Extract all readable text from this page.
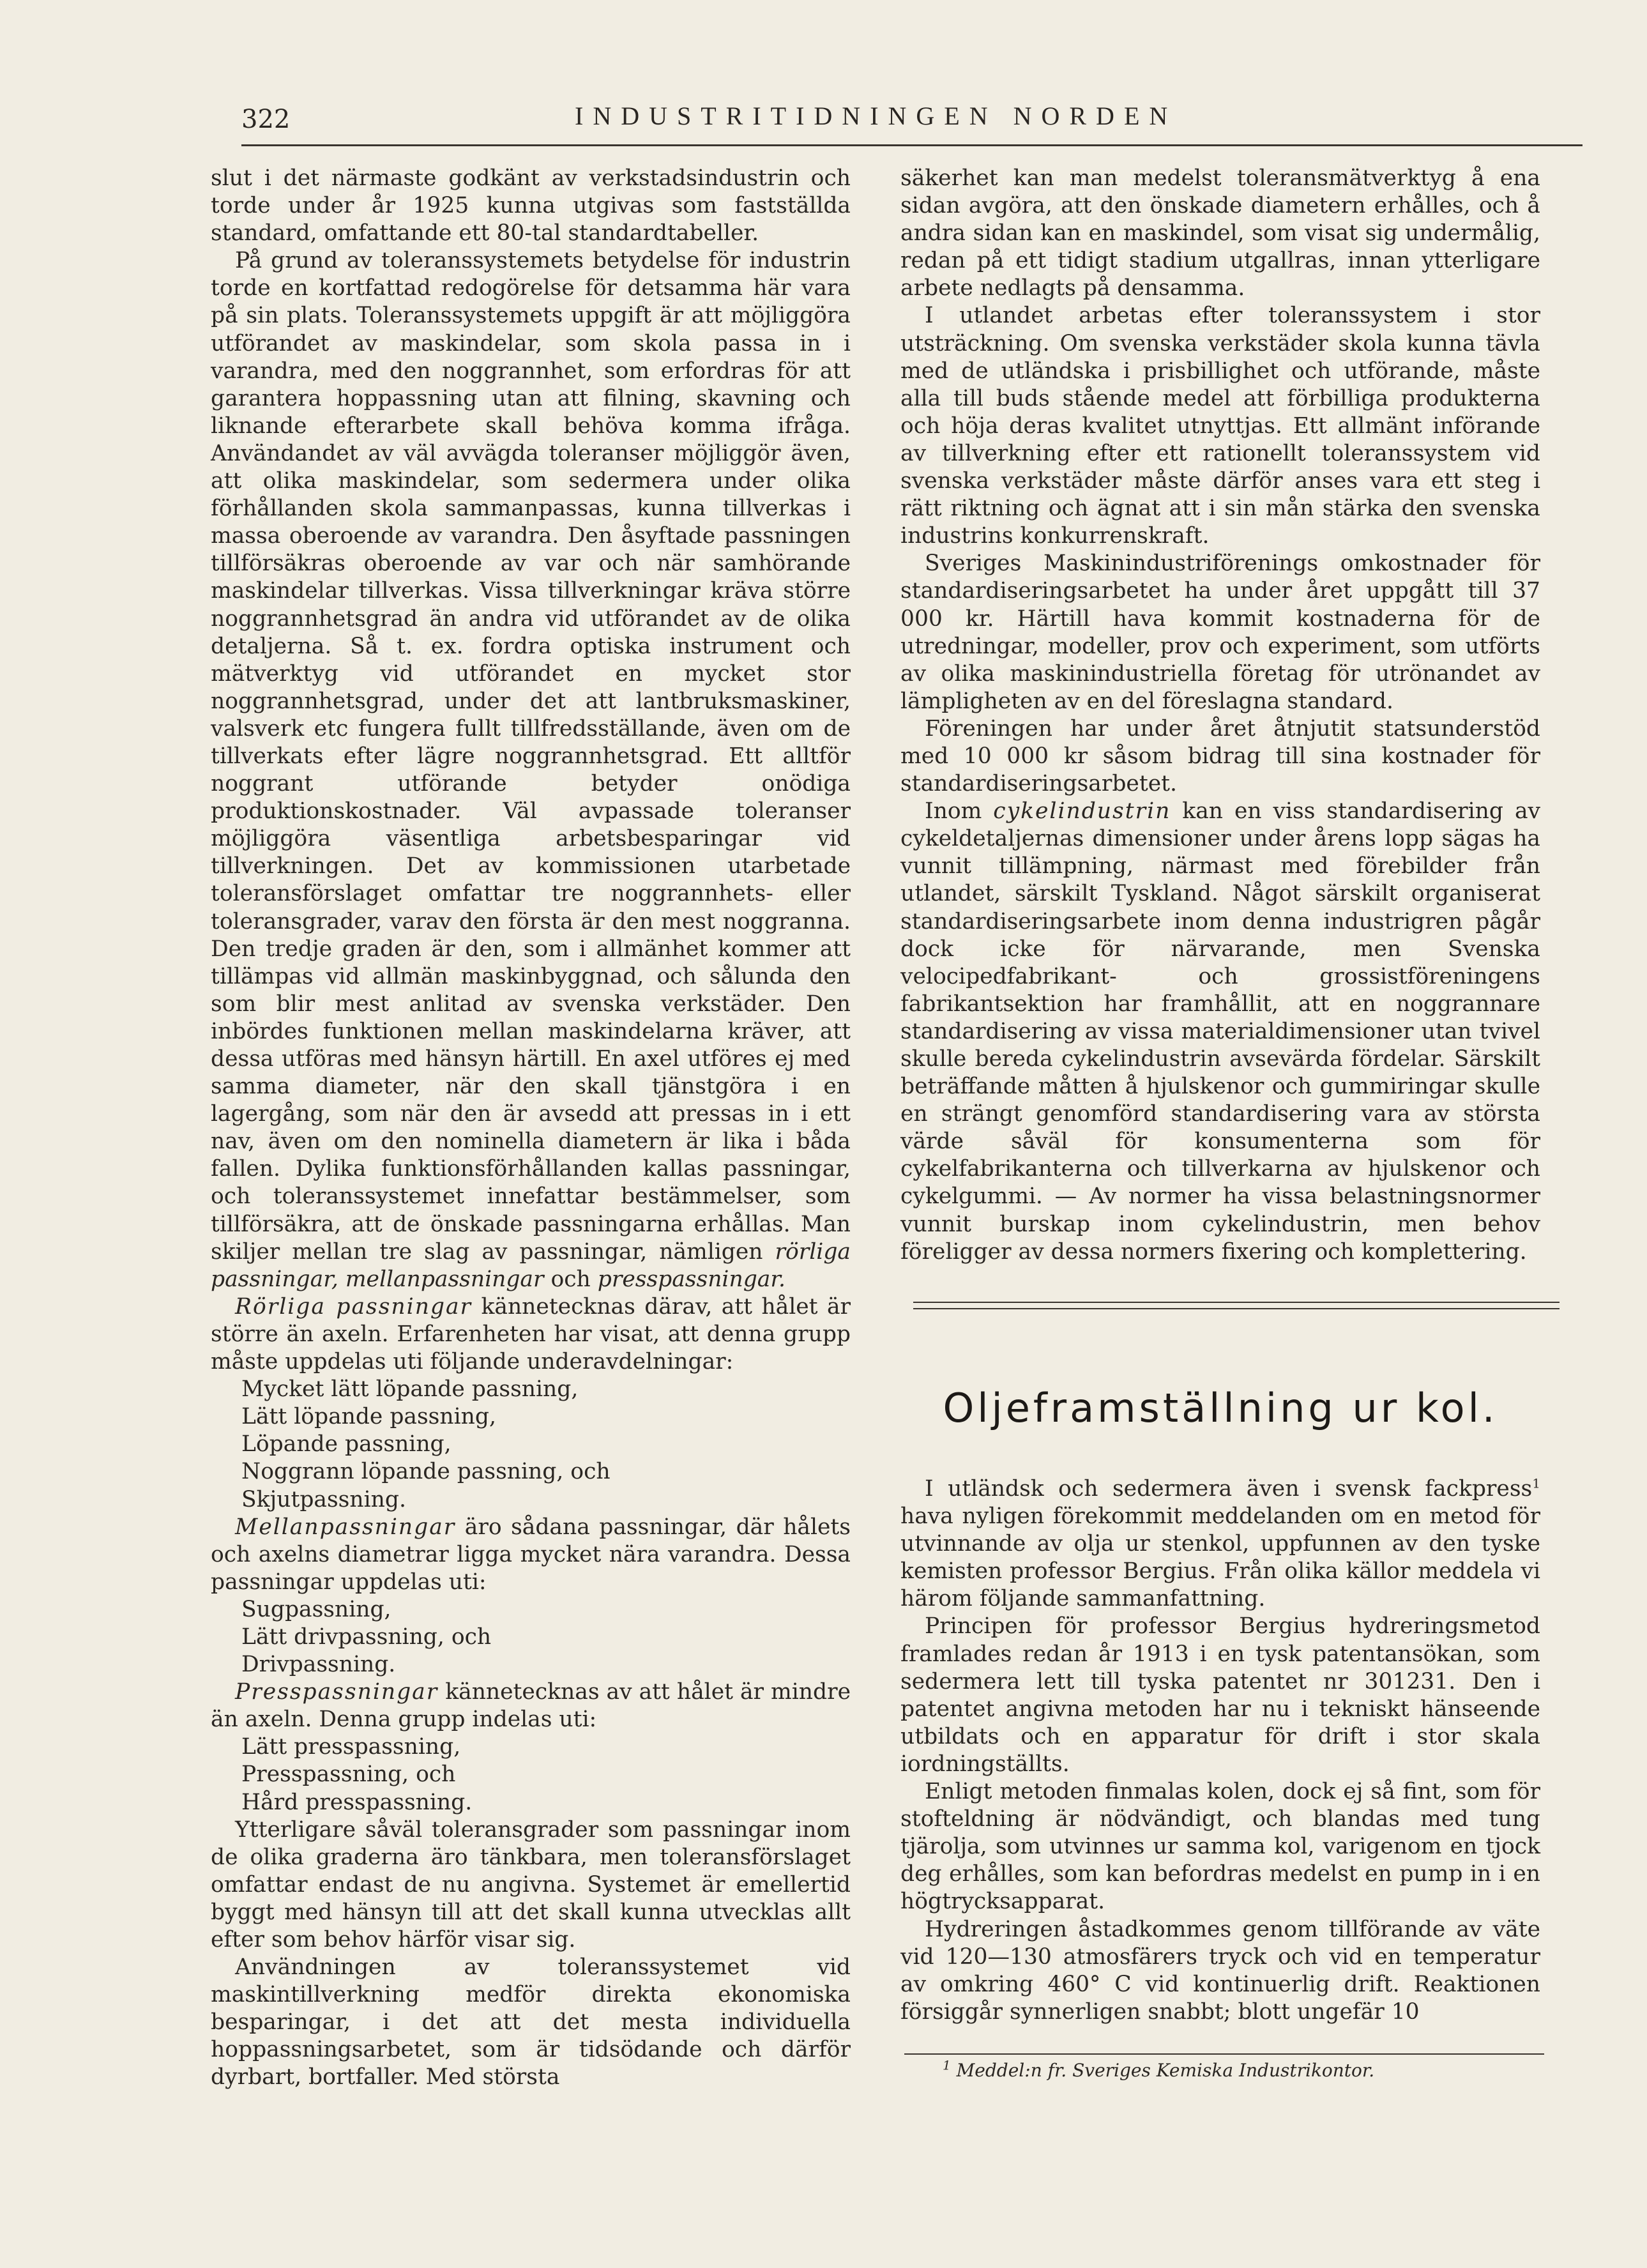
322	INDUSTRITIDNINGEN NORDEN

slut i det närmaste godkänt av verkstadsindustrin och torde under år 1925 kunna utgivas som fastställda standard, omfattande ett 80-tal standardtabeller.

På grund av toleranssystemets betydelse för industrin torde en kortfattad redogörelse för detsamma här vara på sin plats. Toleranssystemets uppgift är att möjliggöra utförandet av maskindelar, som skola passa in i varandra, med den noggrannhet, som erfordras för att garantera hoppassning utan att filning, skavning och liknande efterarbete skall behöva komma ifråga. Användandet av väl avvägda toleranser möjliggör även, att olika maskindelar, som sedermera under olika förhållanden skola sammanpassas, kunna tillverkas i massa oberoende av varandra. Den åsyftade passningen tillförsäkras oberoende av var och när samhörande maskindelar tillverkas. Vissa tillverkningar kräva större noggrannhetsgrad än andra vid utförandet av de olika detaljerna. Så t. ex. fordra optiska instrument och mätverktyg vid utförandet en mycket stor noggrannhetsgrad, under det att lantbruksmaskiner, valsverk etc fungera fullt tillfredsställande, även om de tillverkats efter lägre noggrannhetsgrad. Ett alltför noggrant utförande betyder onödiga produktionskostnader. Väl avpassade toleranser möjliggöra väsentliga arbetsbesparingar vid tillverkningen. Det av kommissionen utarbetade toleransförslaget omfattar tre noggrannhets- eller toleransgrader, varav den första är den mest noggranna. Den tredje graden är den, som i allmänhet kommer att tillämpas vid allmän maskinbyggnad, och sålunda den som blir mest anlitad av svenska verkstäder. Den inbördes funktionen mellan maskindelarna kräver, att dessa utföras med hänsyn härtill. En axel utföres ej med samma diameter, när den skall tjänstgöra i en lagergång, som när den är avsedd att pressas in i ett nav, även om den nominella diametern är lika i båda fallen. Dylika funktionsförhållanden kallas passningar, och toleranssystemet innefattar bestämmelser, som tillförsäkra, att de önskade passningarna erhållas. Man skiljer mellan tre slag av passningar, nämligen rörliga passningar, mellanpassningar och presspassningar.

Rörliga passningar kännetecknas därav, att hålet är större än axeln. Erfarenheten har visat, att denna grupp måste uppdelas uti följande underavdelningar:

Mycket lätt löpande passning,

Lätt löpande passning,

Löpande passning,

Noggrann löpande passning, och

Skjutpassning.

Mellanpassningar äro sådana passningar, där hålets och axelns diametrar ligga mycket nära varandra. Dessa passningar uppdelas uti:

Sugpassning,

Lätt drivpassning, och

Drivpassning.

Presspassningar kännetecknas av att hålet är mindre än axeln. Denna grupp indelas uti:

Lätt presspassning,

Presspassning, och

Hård presspassning.

Ytterligare såväl toleransgrader som passningar inom de olika graderna äro tänkbara, men toleransförslaget omfattar endast de nu angivna. Systemet är emellertid byggt med hänsyn till att det skall kunna utvecklas allt efter som behov härför visar sig.

Användningen av toleranssystemet vid maskintillverkning medför direkta ekonomiska besparingar, i det att det mesta individuella hoppassningsarbetet, som är tidsödande och därför dyrbart, bortfaller. Med största

säkerhet kan man medelst toleransmätverktyg å ena sidan avgöra, att den önskade diametern erhålles, och å andra sidan kan en maskindel, som visat sig undermålig, redan på ett tidigt stadium utgallras, innan ytterligare arbete nedlagts på densamma.

I utlandet arbetas efter toleranssystem i stor utsträckning. Om svenska verkstäder skola kunna tävla med de utländska i prisbillighet och utförande, måste alla till buds stående medel att förbilliga produkterna och höja deras kvalitet utnyttjas. Ett allmänt införande av tillverkning efter ett rationellt toleranssystem vid svenska verkstäder måste därför anses vara ett steg i rätt riktning och ägnat att i sin mån stärka den svenska industrins konkurrenskraft.

Sveriges Maskinindustriförenings omkostnader för standardiseringsarbetet ha under året uppgått till 37 000 kr. Härtill hava kommit kostnaderna för de utredningar, modeller, prov och experiment, som utförts av olika maskinindustriella företag för utrönandet av lämpligheten av en del föreslagna standard.

Föreningen har under året åtnjutit statsunderstöd med 10 000 kr såsom bidrag till sina kostnader för standardiseringsarbetet.

Inom cykelindustrin kan en viss standardisering av cykeldetaljernas dimensioner under årens lopp sägas ha vunnit tillämpning, närmast med förebilder från utlandet, särskilt Tyskland. Något särskilt organiserat standardiseringsarbete inom denna industrigren pågår dock icke för närvarande, men Svenska velocipedfabrikant- och grossistföreningens fabrikantsektion har framhållit, att en noggrannare standardisering av vissa materialdimensioner utan tvivel skulle bereda cykelindustrin avsevärda fördelar. Särskilt beträffande måtten å hjulskenor och gummiringar skulle en strängt genomförd standardisering vara av största värde såväl för konsumenterna som för cykelfabrikanterna och tillverkarna av hjulskenor och cykelgummi. — Av normer ha vissa belastningsnormer vunnit burskap inom cykelindustrin, men behov föreligger av dessa normers fixering och komplettering.

Oljeframställning ur kol.

I utländsk och sedermera även i svensk fackpress$^1$ hava nyligen förekommit meddelanden om en metod för utvinnande av olja ur stenkol, uppfunnen av den tyske kemisten professor Bergius. Från olika källor meddela vi härom följande sammanfattning.

Principen för professor Bergius hydreringsmetod framlades redan år 1913 i en tysk patentansökan, som sedermera lett till tyska patentet nr 301231. Den i patentet angivna metoden har nu i tekniskt hänseende utbildats och en apparatur för drift i stor skala iordningställts.

Enligt metoden finmalas kolen, dock ej så fint, som för stofteldning är nödvändigt, och blandas med tung tjärolja, som utvinnes ur samma kol, varigenom en tjock deg erhålles, som kan befordras medelst en pump in i en högtrycksapparat.

Hydreringen åstadkommes genom tillförande av väte vid 120—130 atmosfärers tryck och vid en temperatur av omkring 460° C vid kontinuerlig drift. Reaktionen försiggår synnerligen snabbt; blott ungefär 10

$^1$ Meddel:n fr. Sveriges Kemiska Industrikontor.
